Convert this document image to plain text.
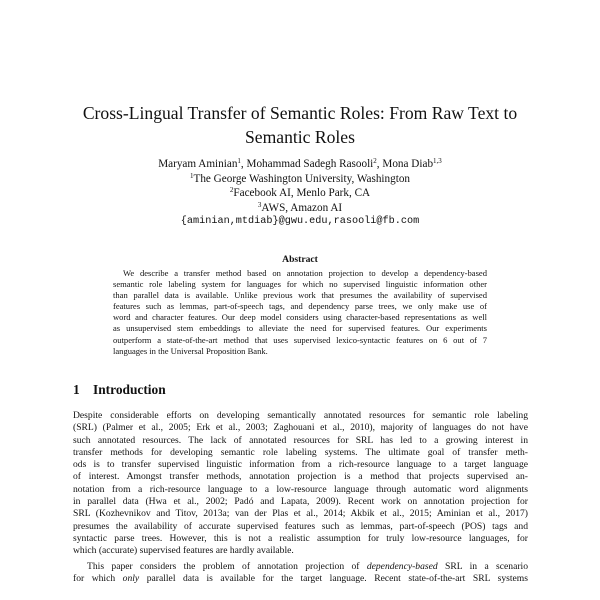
Cross-Lingual Transfer of Semantic Roles: From Raw Text to
Semantic Roles
Maryam Aminian$^1$, Mohammad Sadegh Rasooli$^2$, Mona Diab$^{1,3}$
$^1$The George Washington University, Washington
$^2$Facebook AI, Menlo Park, CA
$^3$AWS, Amazon AI
{aminian,mtdiab}@gwu.edu,rasooli@fb.com
Abstract
We describe a transfer method based on annotation projection to develop a dependency-based
semantic role labeling system for languages for which no supervised linguistic information other
than parallel data is available. Unlike previous work that presumes the availability of supervised
features such as lemmas, part-of-speech tags, and dependency parse trees, we only make use of
word and character features. Our deep model considers using character-based representations as well
as unsupervised stem embeddings to alleviate the need for supervised features. Our experiments
outperform a state-of-the-art method that uses supervised lexico-syntactic features on 6 out of 7
languages in the Universal Proposition Bank.
1 Introduction
Despite considerable efforts on developing semantically annotated resources for semantic role labeling
(SRL) (Palmer et al., 2005; Erk et al., 2003; Zaghouani et al., 2010), majority of languages do not have
such annotated resources. The lack of annotated resources for SRL has led to a growing interest in
transfer methods for developing semantic role labeling systems. The ultimate goal of transfer meth-
ods is to transfer supervised linguistic information from a rich-resource language to a target language
of interest. Amongst transfer methods, annotation projection is a method that projects supervised an-
notation from a rich-resource language to a low-resource language through automatic word alignments
in parallel data (Hwa et al., 2002; Padó and Lapata, 2009). Recent work on annotation projection for
SRL (Kozhevnikov and Titov, 2013a; van der Plas et al., 2014; Akbik et al., 2015; Aminian et al., 2017)
presumes the availability of accurate supervised features such as lemmas, part-of-speech (POS) tags and
syntactic parse trees. However, this is not a realistic assumption for truly low-resource languages, for
which (accurate) supervised features are hardly available.
This paper considers the problem of annotation projection of dependency-based SRL in a scenario
for which only parallel data is available for the target language. Recent state-of-the-art SRL systems
